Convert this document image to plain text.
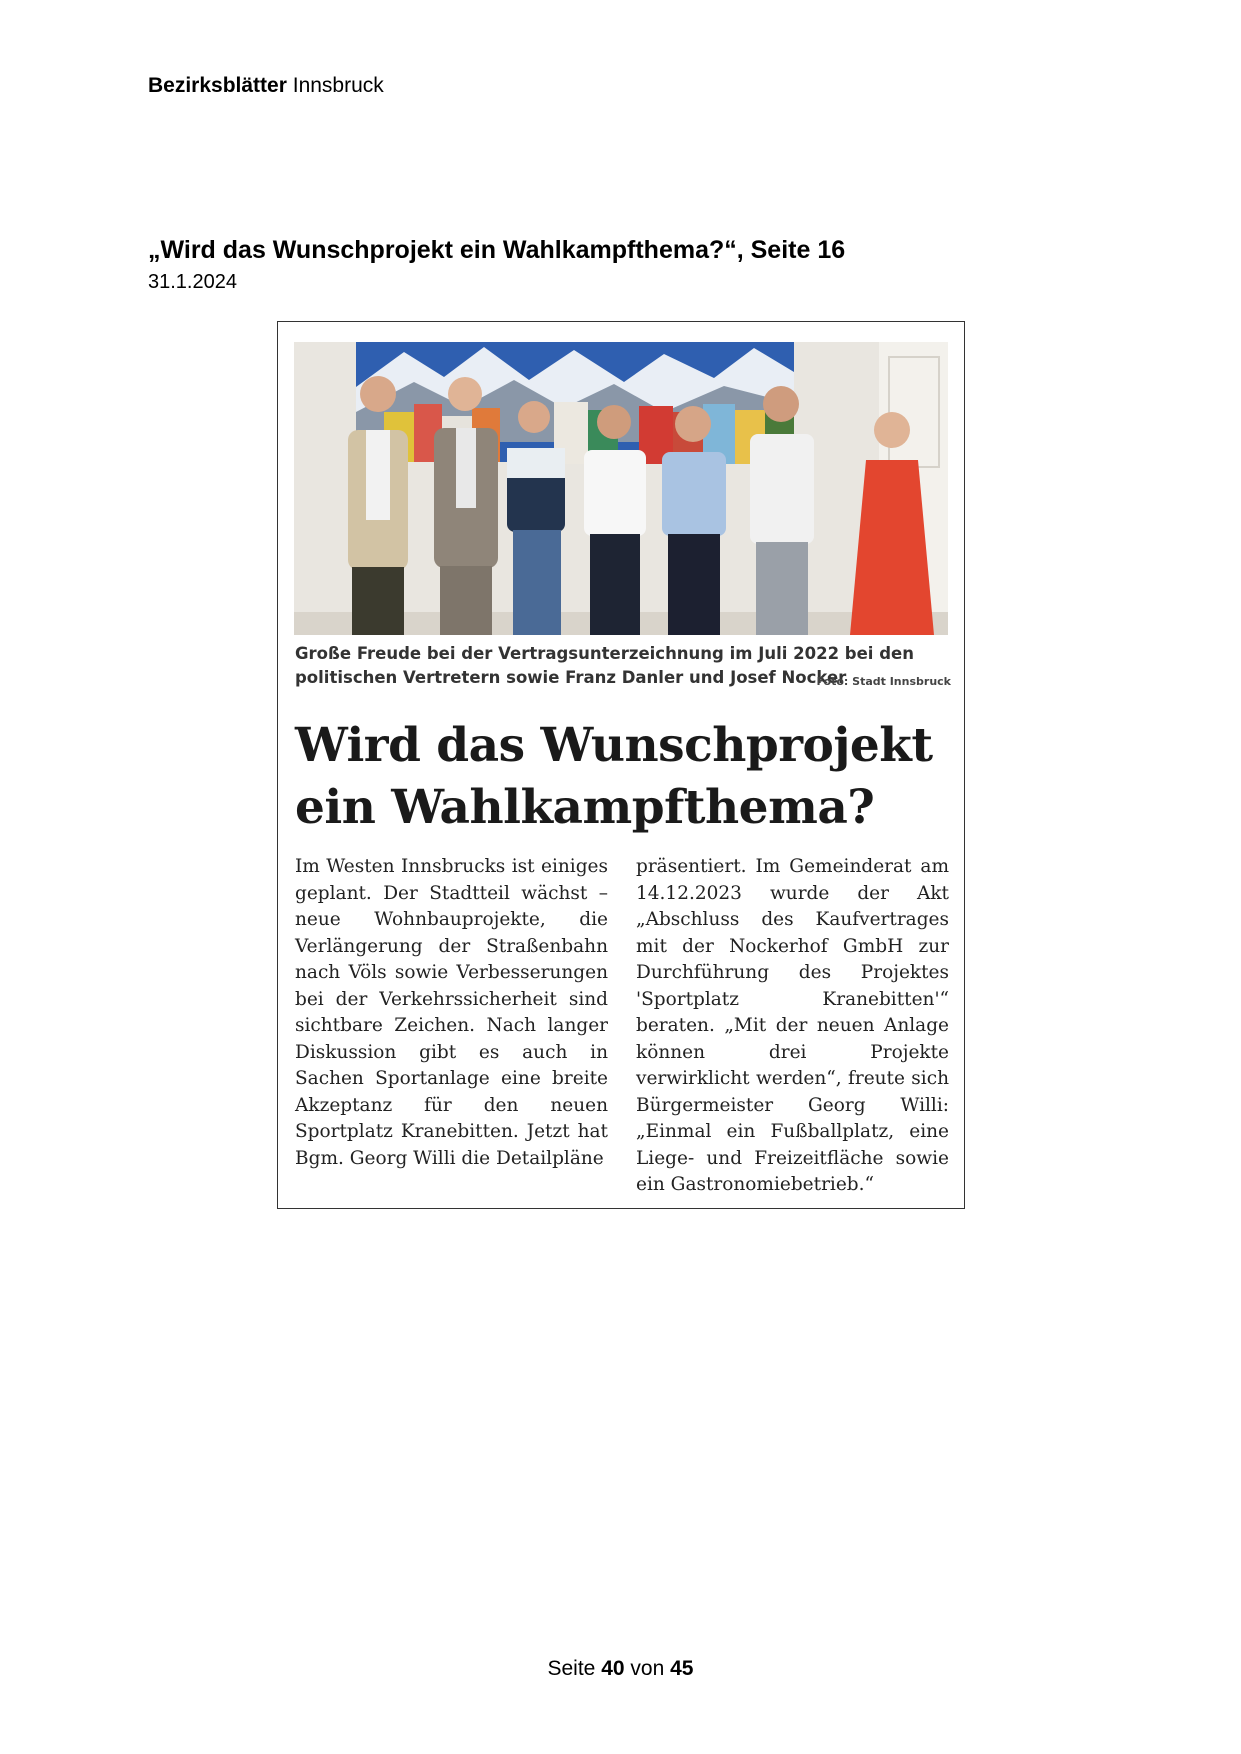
Bezirksblätter Innsbruck
„Wird das Wunschprojekt ein Wahlkampfthema?“, Seite 16
31.1.2024
Große Freude bei der Vertragsunterzeichnung im Juli 2022 bei den politischen Vertretern sowie Franz Danler und Josef Nocker
Foto: Stadt Innsbruck
Wird das Wunschprojekt
ein Wahlkampfthema?

Im Westen Innsbrucks ist einiges geplant. Der Stadtteil wächst – neue Wohnbauprojekte, die Verlängerung der Straßenbahn nach Völs sowie Verbesserungen bei der Verkehrssicherheit sind sichtbare Zeichen. Nach langer Diskussion gibt es auch in Sachen Sportanlage eine breite Akzeptanz für den neuen Sportplatz Kranebitten. Jetzt hat Bgm. Georg Willi die Detailpläne

präsentiert. Im Gemeinderat am 14.12.2023 wurde der Akt „Abschluss des Kaufvertrages mit der Nockerhof GmbH zur Durchführung des Projektes 'Sportplatz Kranebitten'“ beraten. „Mit der neuen Anlage können drei Projekte verwirklicht werden“, freute sich Bürgermeister Georg Willi: „Einmal ein Fußballplatz, eine Liege- und Freizeitfläche sowie ein Gastronomiebetrieb.“

Seite 40 von 45
